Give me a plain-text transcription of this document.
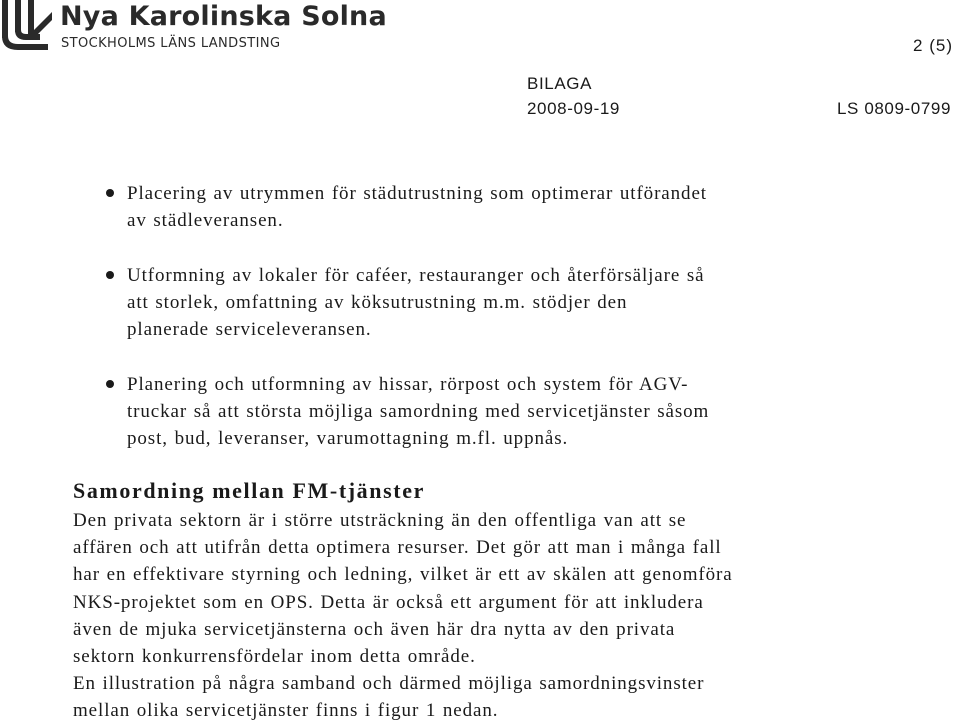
Nya Karolinska Solna
STOCKHOLMS LÄNS LANDSTING	2 (5)
BILAGA
2008-09-19	LS 0809-0799
Placering av utrymmen för städutrustning som optimerar utförandet
av städleveransen.
Utformning av lokaler för caféer, restauranger och återförsäljare så
att storlek, omfattning av köksutrustning m.m. stödjer den
planerade serviceleveransen.
Planering och utformning av hissar, rörpost och system för AGV-
truckar så att största möjliga samordning med servicetjänster såsom
post, bud, leveranser, varumottagning m.fl. uppnås.
Samordning mellan FM-tjänster
Den privata sektorn är i större utsträckning än den offentliga van att se
affären och att utifrån detta optimera resurser. Det gör att man i många fall
har en effektivare styrning och ledning, vilket är ett av skälen att genomföra
NKS-projektet som en OPS. Detta är också ett argument för att inkludera
även de mjuka servicetjänsterna och även här dra nytta av den privata
sektorn konkurrensfördelar inom detta område.
En illustration på några samband och därmed möjliga samordningsvinster
mellan olika servicetjänster finns i figur 1 nedan.
